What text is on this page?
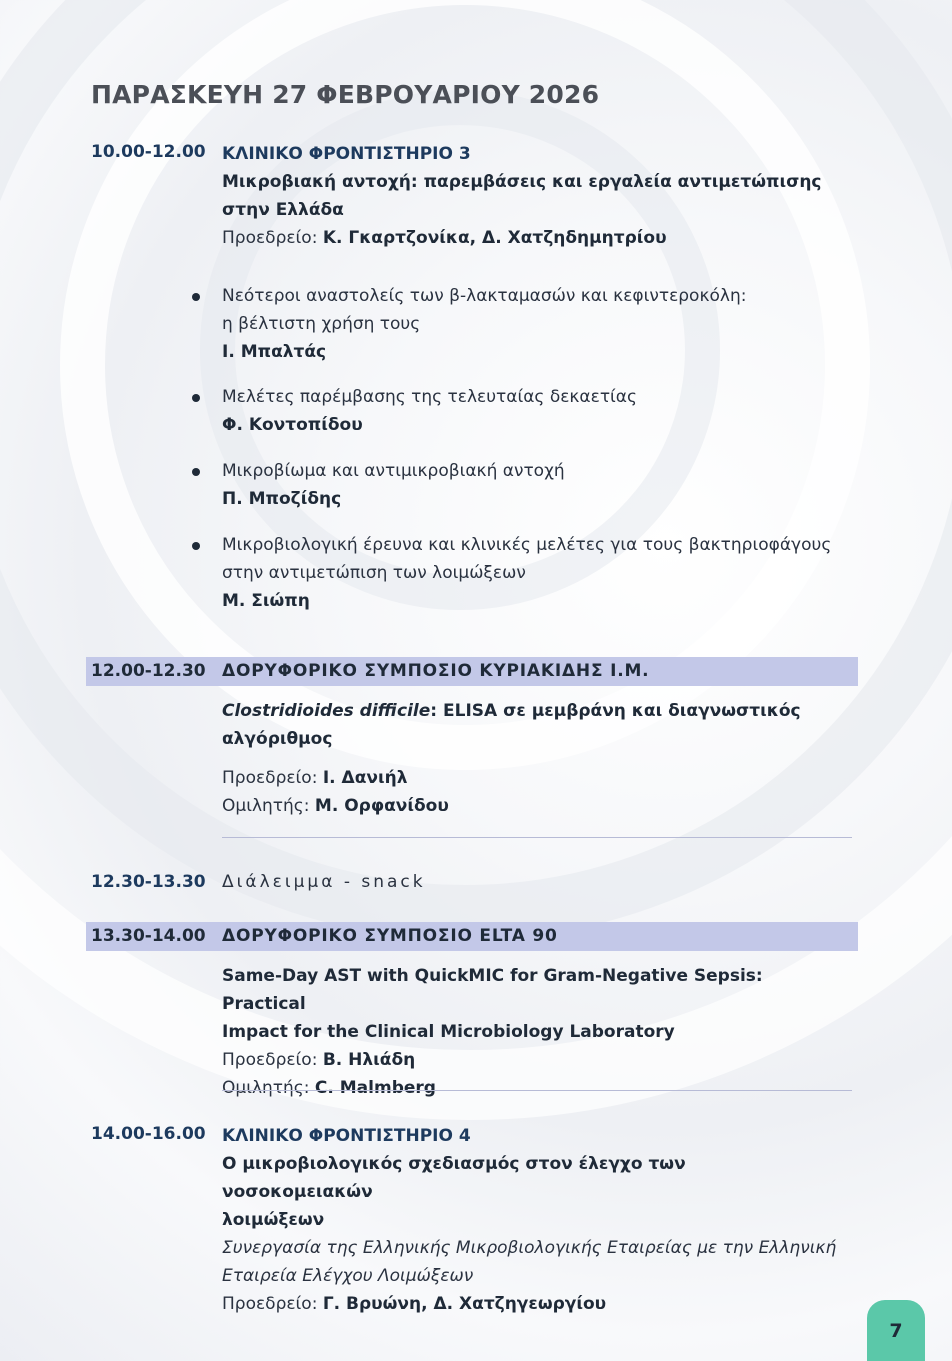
ΠΑΡΑΣΚΕΥΗ 27 ΦΕΒΡΟΥΑΡΙΟΥ 2026
10.00-12.00 ΚΛΙΝΙΚΟ ΦΡΟΝΤΙΣΤΗΡΙΟ 3
Μικροβιακή αντοχή: παρεμβάσεις και εργαλεία αντιμετώπισης
στην Ελλάδα
Προεδρείο: Κ. Γκαρτζονίκα, Δ. Χατζηδημητρίου
Νεότεροι αναστολείς των β-λακταμασών και κεφιντεροκόλη:
η βέλτιστη χρήση τους
Ι. Μπαλτάς
Μελέτες παρέμβασης της τελευταίας δεκαετίας
Φ. Κοντοπίδου
Μικροβίωμα και αντιμικροβιακή αντοχή
Π. Μποζίδης
Μικροβιολογική έρευνα και κλινικές μελέτες για τους βακτηριοφάγους
στην αντιμετώπιση των λοιμώξεων
Μ. Σιώπη
12.00-12.30 ΔΟΡΥΦΟΡΙΚΟ ΣΥΜΠΟΣΙΟ ΚΥΡΙΑΚΙΔΗΣ Ι.Μ.
Clostridioides difficile: ELISA σε μεμβράνη και διαγνωστικός
αλγόριθμος
Προεδρείο: Ι. Δανιήλ
Ομιλητής: Μ. Ορφανίδου
12.30-13.30 Διάλειμμα - snack
13.30-14.00 ΔΟΡΥΦΟΡΙΚΟ ΣΥΜΠΟΣΙΟ ELTA 90
Same-Day AST with QuickMIC for Gram-Negative Sepsis: Practical
Impact for the Clinical Microbiology Laboratory
Προεδρείο: Β. Ηλιάδη
Ομιλητής: C. Malmberg
14.00-16.00 ΚΛΙΝΙΚΟ ΦΡΟΝΤΙΣΤΗΡΙΟ 4
Ο μικροβιολογικός σχεδιασμός στον έλεγχο των νοσοκομειακών
λοιμώξεων
Συνεργασία της Ελληνικής Μικροβιολογικής Εταιρείας με την Ελληνική
Εταιρεία Ελέγχου Λοιμώξεων
Προεδρείο: Γ. Βρυώνη, Δ. Χατζηγεωργίου
7
